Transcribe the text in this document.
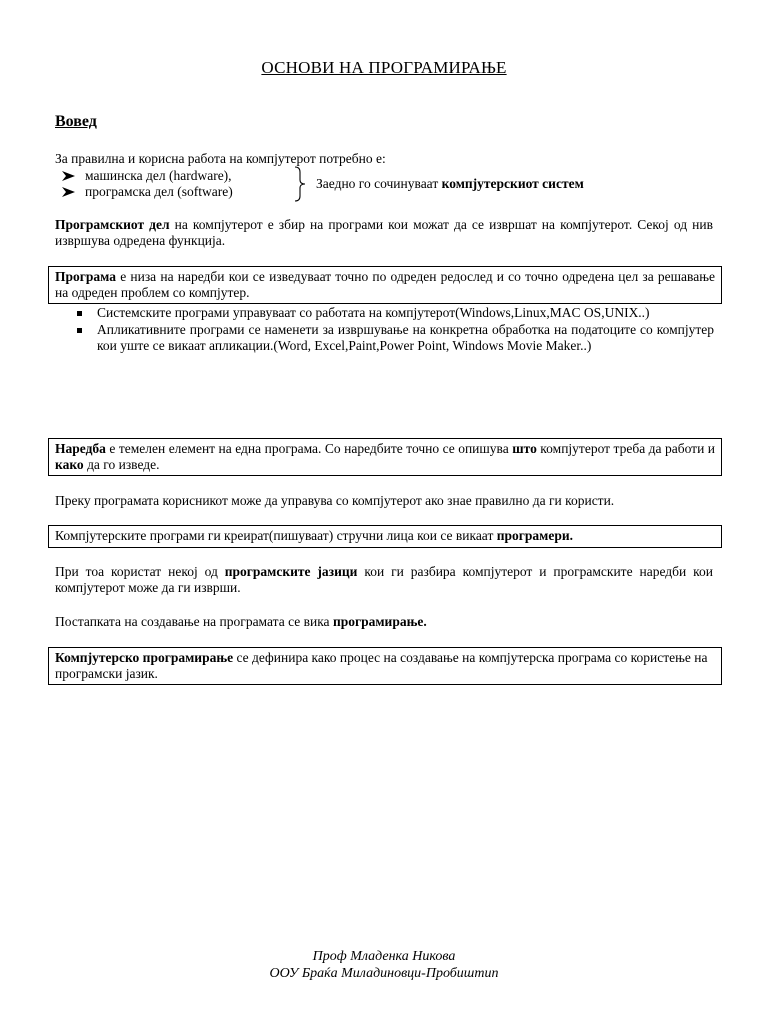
ОСНОВИ НА ПРОГРАМИРАЊЕ
Вовед
За правилна и корисна работа на компјутерот потребно е:
машинска дел (hardware),
програмска дел (software)
Заедно го сочинуваат компјутерскиот систем
Програмскиот дел на компјутерот е збир на програми кои можат да се извршат на компјутерот. Секој од нив извршува одредена функција.
Програма е низа на наредби кои се изведуваат точно по одреден редослед и со точно одредена цел за решавање на одреден проблем со компјутер.
Системските програми управуваат со работата на компјутерот(Windows,Linux,MAC OS,UNIX..)
Апликативните програми се наменети за извршување на конкретна обработка на податоците со компјутер кои уште се викаат апликации.(Word, Excel,Paint,Power Point, Windows Movie Maker..)
Наредба е темелен елемент на една програма. Со наредбите точно се опишува што компјутерот треба да работи и како да го изведе.
Преку програмата корисникот може да управува со компјутерот ако знае правилно да ги користи.
Компјутерските програми ги креират(пишуваат) стручни лица кои се викаат програмери.
При тоа користат некој од програмските јазици кои ги разбира компјутерот и програмските наредби кои компјутерот може да ги изврши.
Постапката на создавање на програмата се вика програмирање.
Компјутерско програмирање се дефинира како процес на создавање на компјутерска програма со користење на програмски јазик.
Проф Младенка Никова
ООУ Браќа Миладиновци-Пробиштип
